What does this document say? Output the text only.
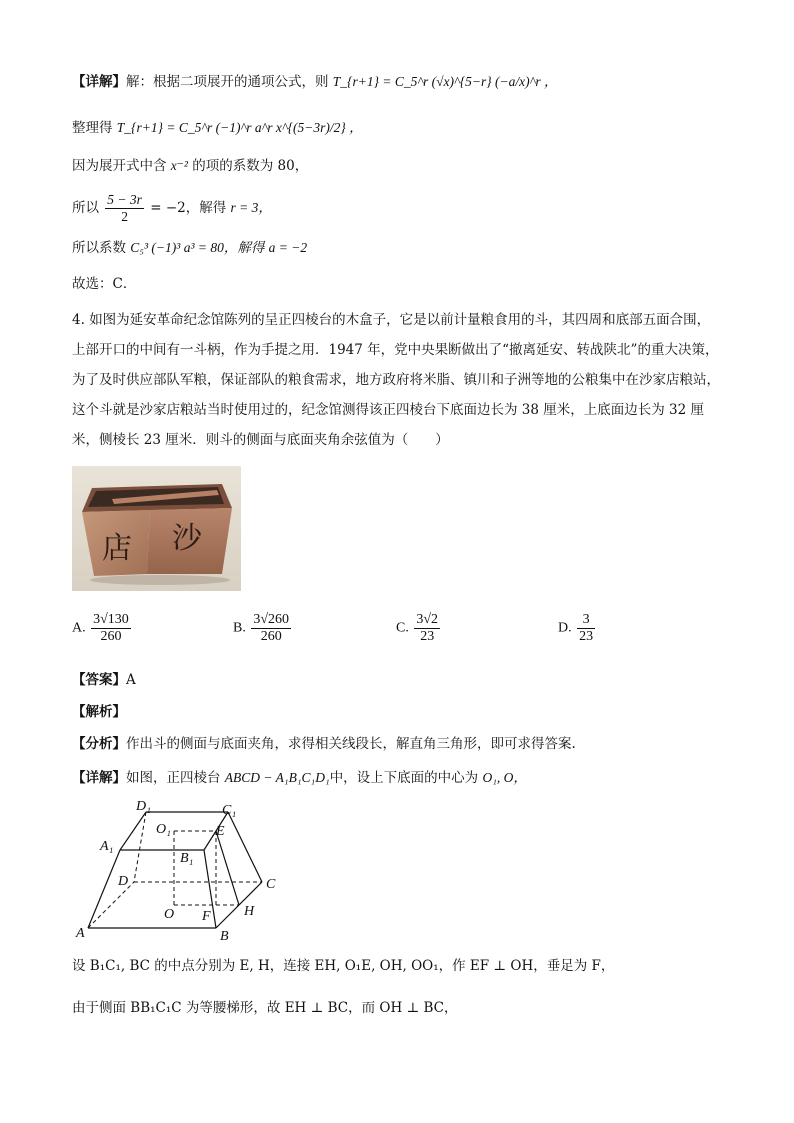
【详解】解：根据二项展开的通项公式，则 T_{r+1} = C_5^r (√x)^{5−r} (−a/x)^r ，
整理得 T_{r+1} = C_5^r (−1)^r a^r x^{(5−3r)/2} ，
因为展开式中含 x⁻² 的项的系数为 80，
所以 $\frac{5 - 3r}{2} = -2$，解得 r = 3，
所以系数 C₅³ (−1)³ a³ = 80，解得 a = −2
故选：C．
4. 如图为延安革命纪念馆陈列的呈正四棱台的木盒子，它是以前计量粮食用的斗，其四周和底部五面合围，上部开口的中间有一斗柄，作为手提之用．1947 年，党中央果断做出了“撤离延安、转战陕北”的重大决策，为了及时供应部队军粮，保证部队的粮食需求，地方政府将米脂、镇川和子洲等地的公粮集中在沙家店粮站，这个斗就是沙家店粮站当时使用过的，纪念馆测得该正四棱台下底面边长为 38 厘米，上底面边长为 32 厘米，侧棱长 23 厘米．则斗的侧面与底面夹角余弦值为（　　）
店 沙
A. $\frac{3√130}{260}$	B. $\frac{3√260}{260}$	C. $\frac{3√2}{23}$	D. $\frac{3}{23}$
【答案】A
【解析】
【分析】作出斗的侧面与底面夹角，求得相关线段长，解直角三角形，即可求得答案.
【详解】如图，正四棱台 ABCD − A₁B₁C₁D₁中，设上下底面的中心为 O₁, O，
D₁	C₁
O₁	E
A₁
B₁
D	C
O F H
A	B
设 B₁C₁, BC 的中点分别为 E, H，连接 EH, O₁E, OH, OO₁，作 EF ⊥ OH，垂足为 F，
由于侧面 BB₁C₁C 为等腰梯形，故 EH ⊥ BC，而 OH ⊥ BC，
